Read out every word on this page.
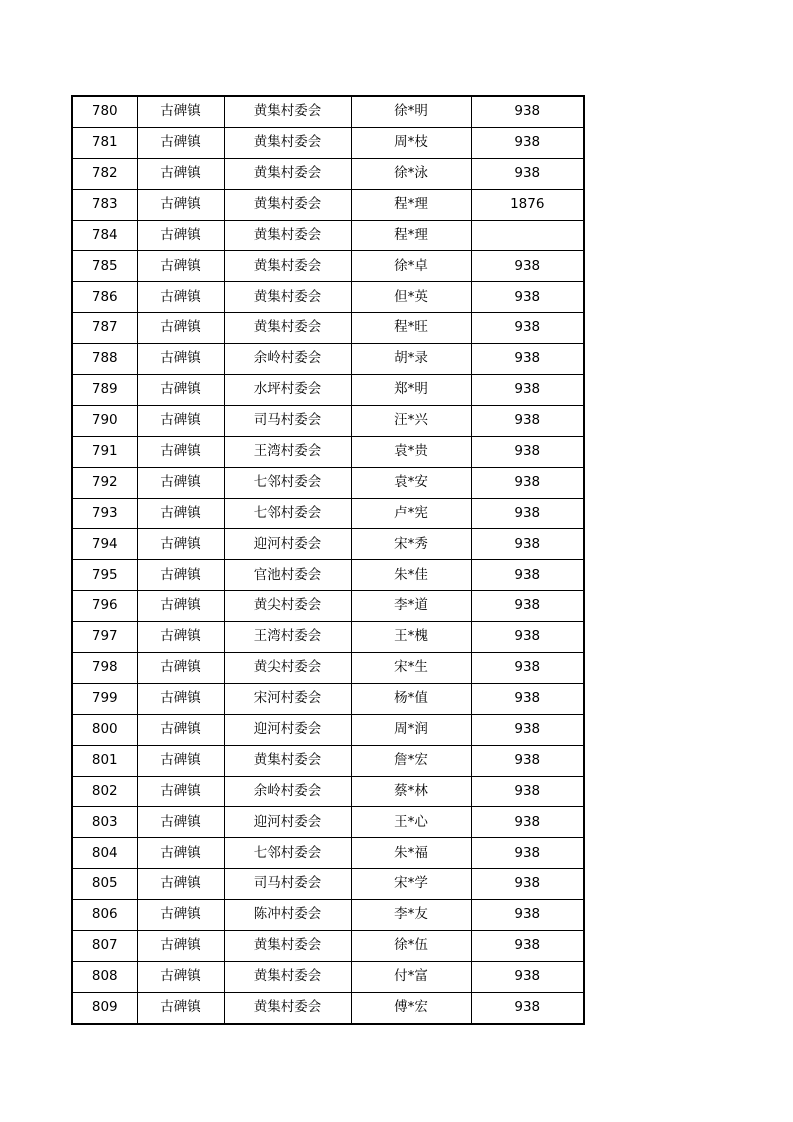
780	古碑镇	黄集村委会	徐*明	938
781	古碑镇	黄集村委会	周*枝	938
782	古碑镇	黄集村委会	徐*泳	938
783	古碑镇	黄集村委会	程*理	1876
784	古碑镇	黄集村委会	程*理	
785	古碑镇	黄集村委会	徐*卓	938
786	古碑镇	黄集村委会	但*英	938
787	古碑镇	黄集村委会	程*旺	938
788	古碑镇	余岭村委会	胡*录	938
789	古碑镇	水坪村委会	郑*明	938
790	古碑镇	司马村委会	汪*兴	938
791	古碑镇	王湾村委会	袁*贵	938
792	古碑镇	七邻村委会	袁*安	938
793	古碑镇	七邻村委会	卢*宪	938
794	古碑镇	迎河村委会	宋*秀	938
795	古碑镇	官池村委会	朱*佳	938
796	古碑镇	黄尖村委会	李*道	938
797	古碑镇	王湾村委会	王*槐	938
798	古碑镇	黄尖村委会	宋*生	938
799	古碑镇	宋河村委会	杨*值	938
800	古碑镇	迎河村委会	周*润	938
801	古碑镇	黄集村委会	詹*宏	938
802	古碑镇	余岭村委会	蔡*林	938
803	古碑镇	迎河村委会	王*心	938
804	古碑镇	七邻村委会	朱*福	938
805	古碑镇	司马村委会	宋*学	938
806	古碑镇	陈冲村委会	李*友	938
807	古碑镇	黄集村委会	徐*伍	938
808	古碑镇	黄集村委会	付*富	938
809	古碑镇	黄集村委会	傅*宏	938
